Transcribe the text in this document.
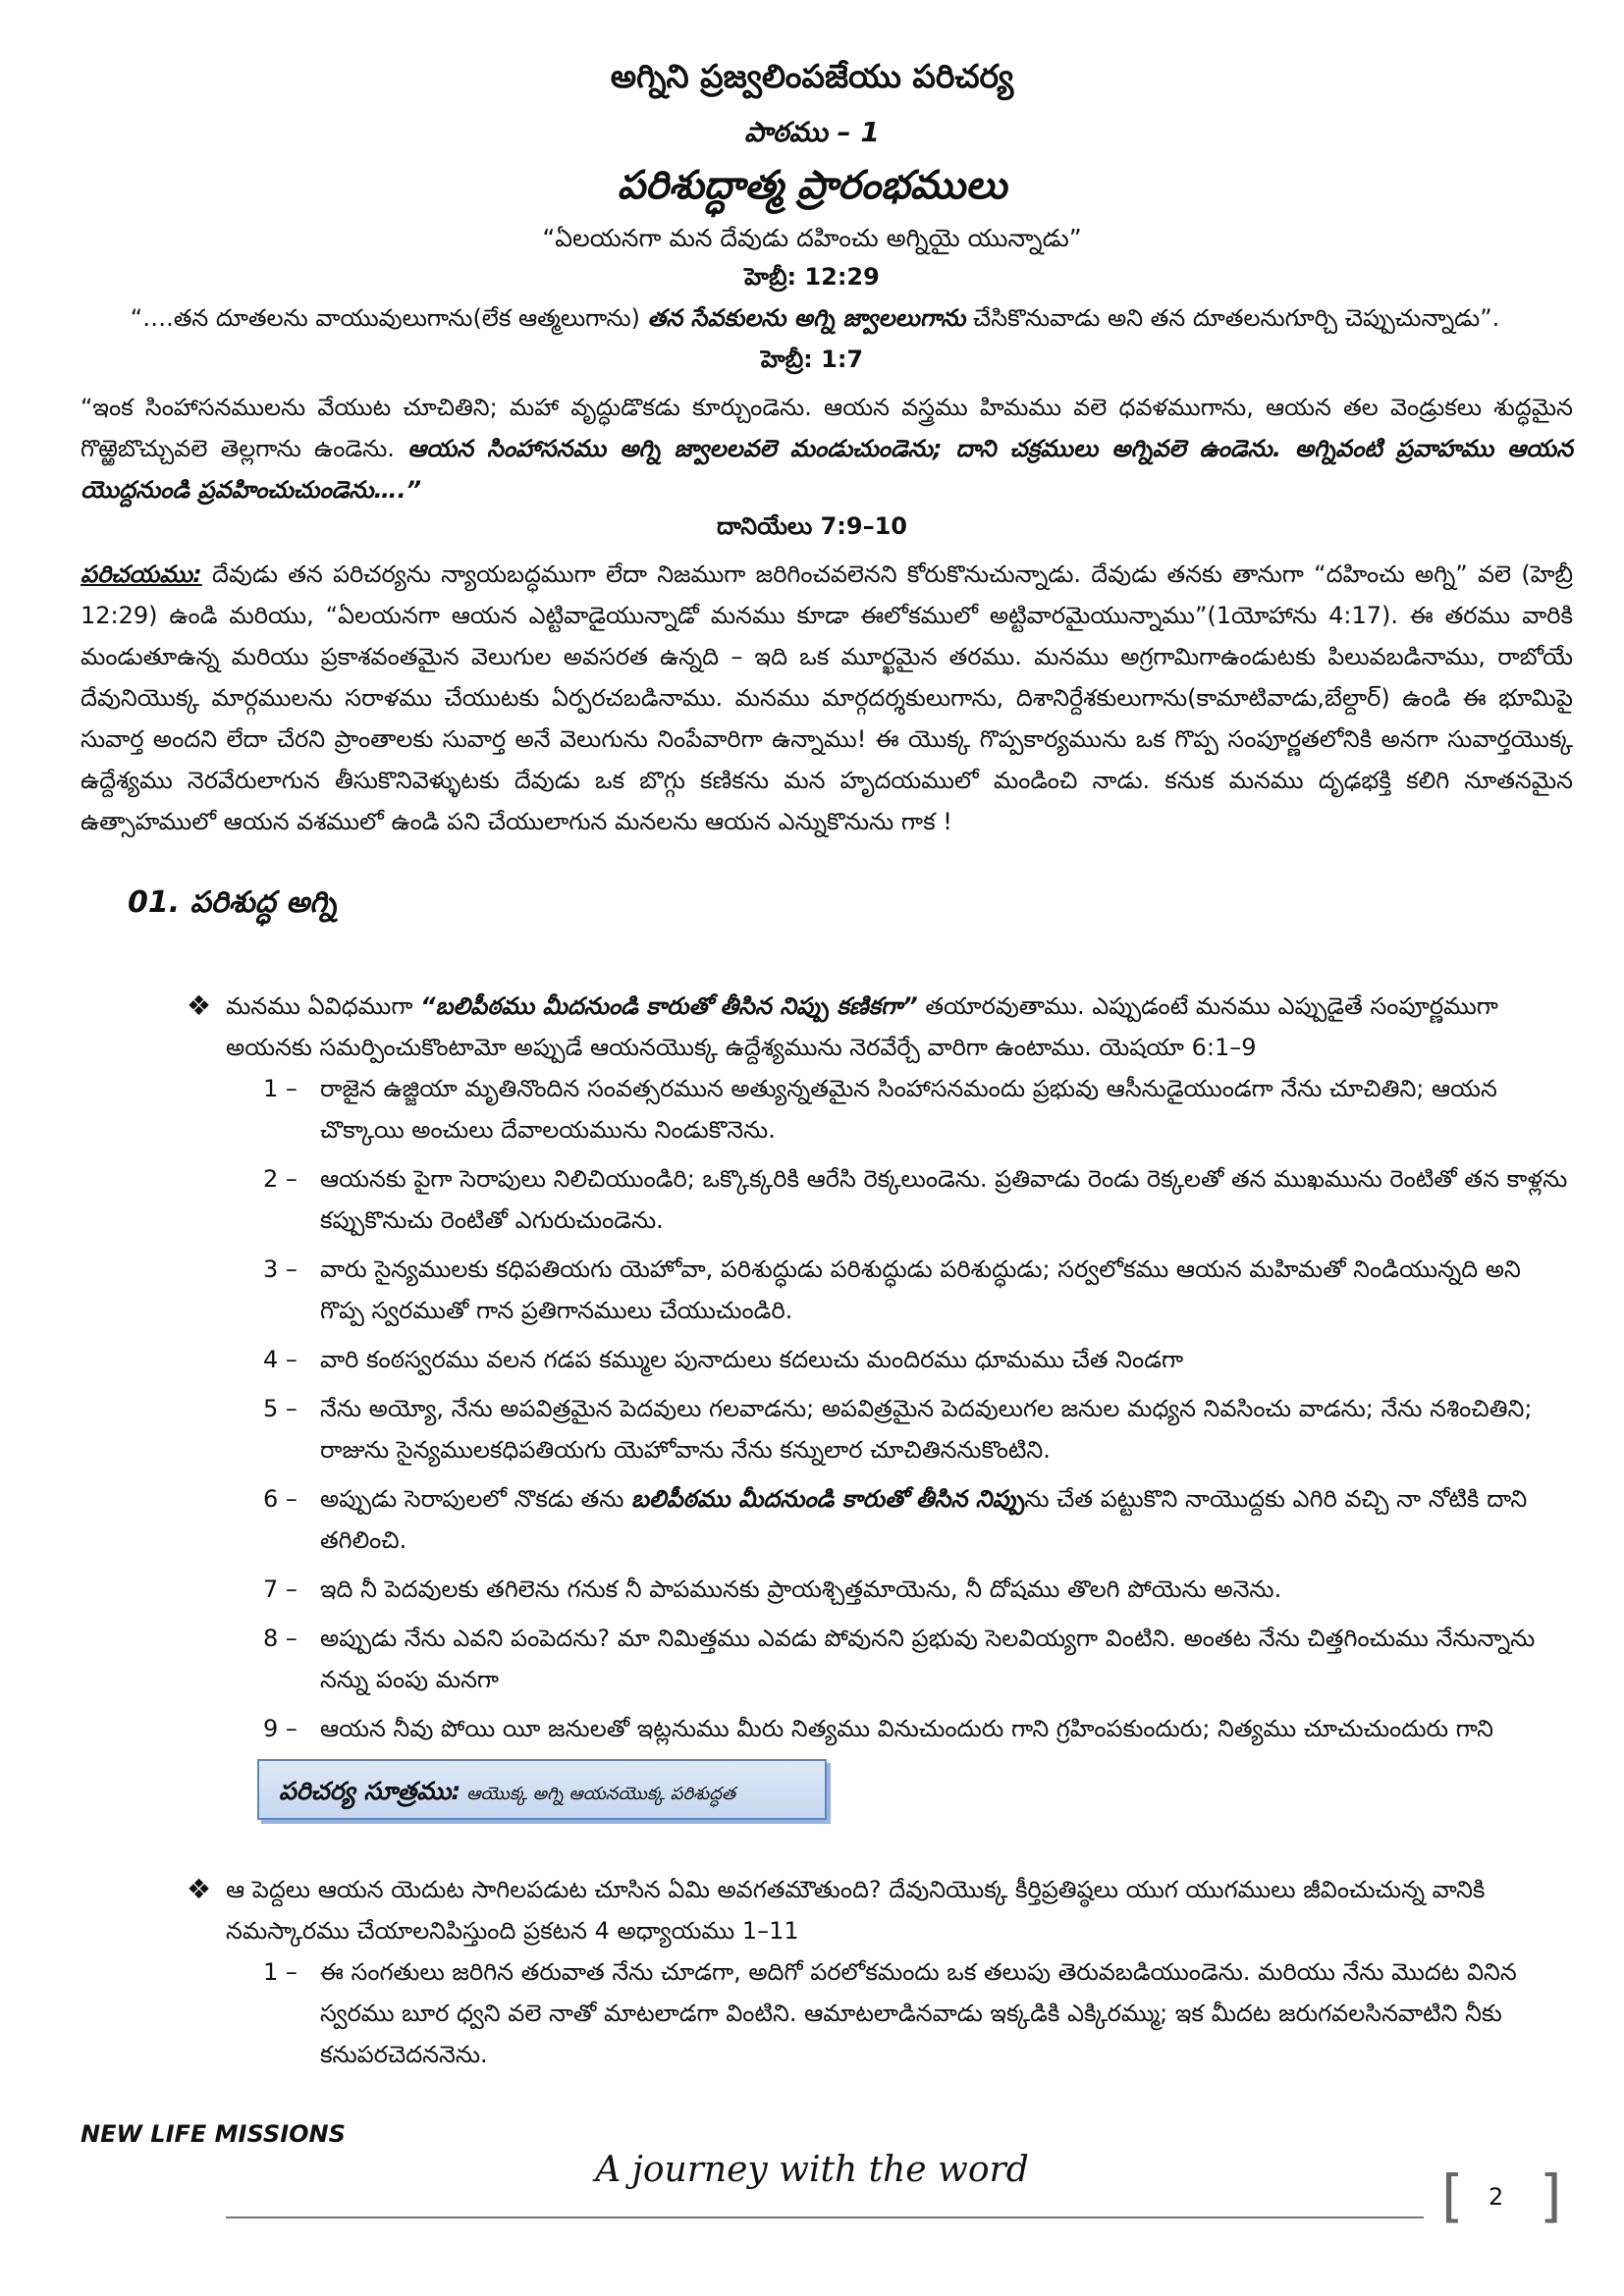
అగ్నిని ప్రజ్వలింపజేయు పరిచర్య
పాఠము – 1
పరిశుద్ధాత్మ ప్రారంభములు
“ఏలయనగా మన దేవుడు దహించు అగ్నియై యున్నాడు”
హెబ్రీ: 12:29
“….తన దూతలను వాయువులుగాను(లేక ఆత్మలుగాను) తన సేవకులను అగ్ని జ్వాలలుగాను చేసికొనువాడు అని తన దూతలనుగూర్చి చెప్పుచున్నాడు”.
హెబ్రీ: 1:7
“ఇంక సింహాసనములను వేయుట చూచితిని; మహా వృద్ధుడొకడు కూర్చుండెను. ఆయన వస్త్రము హిమము వలె ధవళముగాను, ఆయన తల వెండ్రుకలు శుద్ధమైన గొఱ్ఱెబొచ్చువలె తెల్లగాను ఉండెను. ఆయన సింహాసనము అగ్ని జ్వాలలవలె మండుచుండెను; దాని చక్రములు అగ్నివలె ఉండెను. అగ్నివంటి ప్రవాహము ఆయన యొద్దనుండి ప్రవహించుచుండెను….”
దానియేలు 7:9–10
పరిచయము: దేవుడు తన పరిచర్యను న్యాయబద్ధముగా లేదా నిజముగా జరిగించవలెనని కోరుకొనుచున్నాడు. దేవుడు తనకు తానుగా “దహించు అగ్ని” వలె (హెబ్రీ 12:29) ఉండి మరియు, “ఏలయనగా ఆయన ఎట్టివాడైయున్నాడో మనము కూడా ఈలోకములో అట్టివారమైయున్నాము”(1యోహాను 4:17). ఈ తరము వారికి మండుతూఉన్న మరియు ప్రకాశవంతమైన వెలుగుల అవసరత ఉన్నది – ఇది ఒక మూర్ఖమైన తరము. మనము అగ్రగామిగాఉండుటకు పిలువబడినాము, రాబోయే దేవునియొక్క మార్గములను సరాళము చేయుటకు ఏర్పరచబడినాము. మనము మార్గదర్శకులుగాను, దిశానిర్దేశకులుగాను(కామాటివాడు,బేల్దార్) ఉండి ఈ భూమిపై సువార్త అందని లేదా చేరని ప్రాంతాలకు సువార్త అనే వెలుగును నింపేవారిగా ఉన్నాము! ఈ యొక్క గొప్పకార్యమును ఒక గొప్ప సంపూర్ణతలోనికి అనగా సువార్తయొక్క ఉద్దేశ్యము నెరవేరులాగున తీసుకొనివెళ్ళుటకు దేవుడు ఒక బొగ్గు కణికను మన హృదయములో మండించి నాడు. కనుక మనము దృఢభక్తి కలిగి నూతనమైన ఉత్సాహములో ఆయన వశములో ఉండి పని చేయులాగున మనలను ఆయన ఎన్నుకొనును గాక !
01. పరిశుద్ధ అగ్ని
❖ మనము ఏవిధముగా “బలిపీఠము మీదనుండి కారుతో తీసిన నిప్పు కణికగా” తయారవుతాము. ఎప్పుడంటే మనము ఎప్పుడైతే సంపూర్ణముగా అయనకు సమర్పించుకొంటామో అప్పుడే ఆయనయొక్క ఉద్దేశ్యమును నెరవేర్చే వారిగా ఉంటాము. యెషయా 6:1–9
1 – రాజైన ఉజ్జియా మృతినొందిన సంవత్సరమున అత్యున్నతమైన సింహాసనమందు ప్రభువు ఆసీనుడైయుండగా నేను చూచితిని; ఆయన చొక్కాయి అంచులు దేవాలయమును నిండుకొనెను.
2 – ఆయనకు పైగా సెరాపులు నిలిచియుండిరి; ఒక్కొక్కరికి ఆరేసి రెక్కలుండెను. ప్రతివాడు రెండు రెక్కలతో తన ముఖమును రెంటితో తన కాళ్లను కప్పుకొనుచు రెంటితో ఎగురుచుండెను.
3 – వారు సైన్యములకు కధిపతియగు యెహోవా, పరిశుద్ధుడు పరిశుద్ధుడు పరిశుద్ధుడు; సర్వలోకము ఆయన మహిమతో నిండియున్నది అని గొప్ప స్వరముతో గాన ప్రతిగానములు చేయుచుండిరి.
4 – వారి కంఠస్వరము వలన గడప కమ్ముల పునాదులు కదలుచు మందిరము ధూమము చేత నిండగా
5 – నేను అయ్యో, నేను అపవిత్రమైన పెదవులు గలవాడను; అపవిత్రమైన పెదవులుగల జనుల మధ్యన నివసించు వాడను; నేను నశించితిని; రాజును సైన్యములకధిపతియగు యెహోవాను నేను కన్నులార చూచితిననుకొంటిని.
6 – అప్పుడు సెరాపులలో నొకడు తను బలిపీఠము మీదనుండి కారుతో తీసిన నిప్పును చేత పట్టుకొని నాయొద్దకు ఎగిరి వచ్చి నా నోటికి దాని తగిలించి.
7 – ఇది నీ పెదవులకు తగిలెను గనుక నీ పాపమునకు ప్రాయశ్చిత్తమాయెను, నీ దోషము తొలగి పోయెను అనెను.
8 – అప్పుడు నేను ఎవని పంపెదను? మా నిమిత్తము ఎవడు పోవునని ప్రభువు సెలవియ్యగా వింటిని. అంతట నేను చిత్తగించుము నేనున్నాను నన్ను పంపు మనగా
9 – ఆయన నీవు పోయి యీ జనులతో ఇట్లనుము మీరు నిత్యము వినుచుందురు గాని గ్రహింపకుందురు; నిత్యము చూచుచుందురు గాని
పరిచర్య సూత్రము: ఆయొక్క అగ్ని ఆయనయొక్క పరిశుద్ధత
❖ ఆ పెద్దలు ఆయన యెదుట సాగిలపడుట చూసిన ఏమి అవగతమౌతుంది? దేవునియొక్క కీర్తిప్రతిష్ఠలు యుగ యుగములు జీవించుచున్న వానికి నమస్కారము చేయాలనిపిస్తుంది ప్రకటన 4 అధ్యాయము 1–11
1 – ఈ సంగతులు జరిగిన తరువాత నేను చూడగా, అదిగో పరలోకమందు ఒక తలుపు తెరువబడియుండెను. మరియు నేను మొదట వినిన స్వరము బూర ధ్వని వలె నాతో మాటలాడగా వింటిని. ఆమాటలాడినవాడు ఇక్కడికి ఎక్కిరమ్ము; ఇక మీదట జరుగవలసినవాటిని నీకు కనుపరచెదననెను.
NEW LIFE MISSIONS
A journey with the word	[ 2 ]
